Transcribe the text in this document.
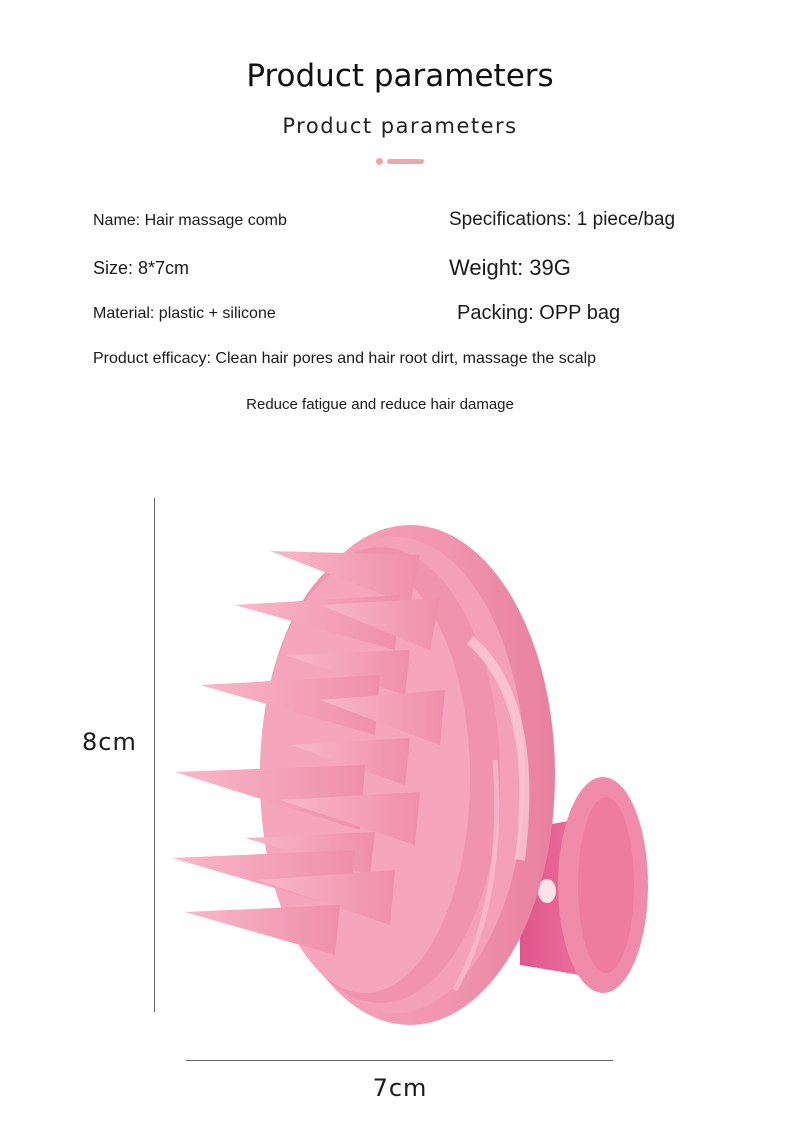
Product parameters
Product parameters
Name: Hair massage comb	Specifications: 1 piece/bag
Size: 8*7cm	Weight: 39G
Material: plastic + silicone	Packing: OPP bag
Product efficacy: Clean hair pores and hair root dirt, massage the scalp
Reduce fatigue and reduce hair damage
8cm
7cm
